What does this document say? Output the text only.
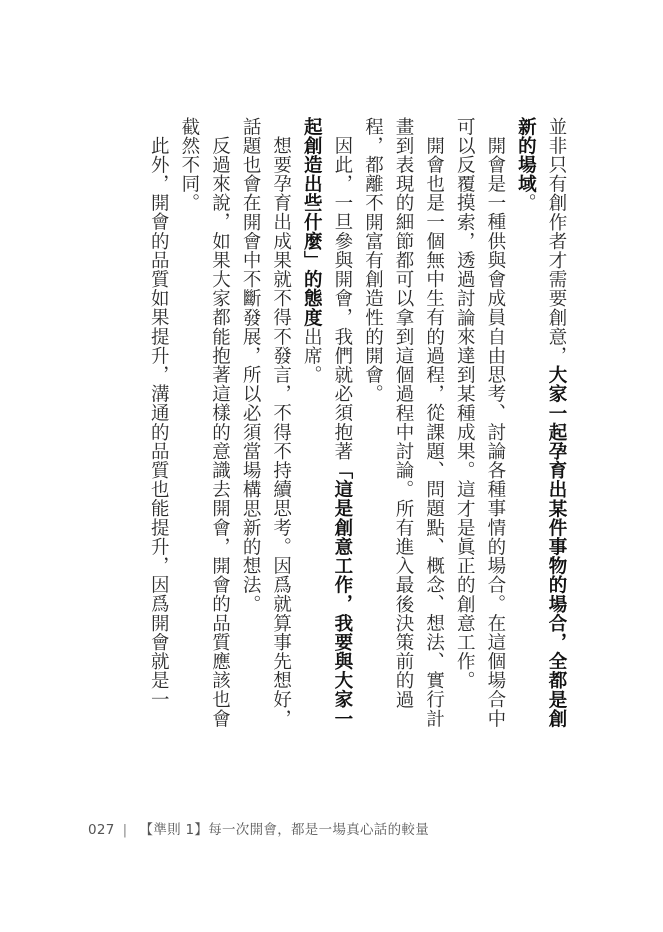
並非只有創作者才需要創意，大家一起孕育出某件事物的場合，全都是創新的場域。

開會是一種供與會成員自由思考、討論各種事情的場合。在這個場合中可以反覆摸索，透過討論來達到某種成果。這才是眞正的創意工作。

開會也是一個無中生有的過程，從課題、問題點、概念、想法、實行計畫到表現的細節都可以拿到這個過程中討論。所有進入最後決策前的過程，都離不開富有創造性的開會。

因此，一旦參與開會，我們就必須抱著「這是創意工作，我要與大家一起創造出些什麼」的態度出席。

想要孕育出成果就不得不發言，不得不持續思考。因爲就算事先想好，話題也會在開會中不斷發展，所以必須當場構思新的想法。

反過來說，如果大家都能抱著這樣的意識去開會，開會的品質應該也會截然不同。

此外，開會的品質如果提升，溝通的品質也能提升，因爲開會就是一

027 | 【準則 1】每一次開會，都是一場真心話的較量
